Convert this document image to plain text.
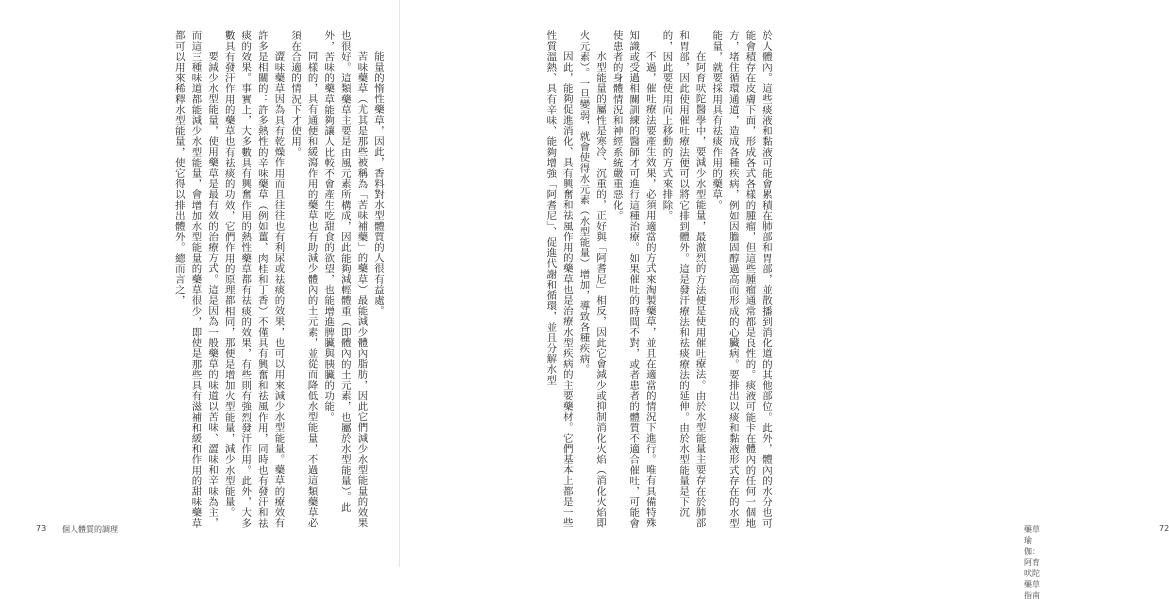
能量的惰性藥草，因此，香料對水型體質的人很有益處。

苦味藥草（尤其是那些被稱為「苦味補藥」的藥草）最能減少體內脂肪，因此它們減少水型能量的效果也很好。這類藥草主要是由風元素所構成，因此能夠減輕體重（即體內的土元素，也屬於水型能量）。此外，苦味的藥草能夠讓人比較不會產生吃甜食的欲望，也能增進脾臟與胰臟的功能。

同樣的，具有通便和緩瀉作用的藥草也有助減少體內的土元素，並從而降低水型能量，不過這類藥草必須在合適的情況下才使用。

澀味藥草因為具有乾燥作用而且往往也有利尿或祛痰的效果，也可以用來減少水型能量。藥草的療效有許多是相關的：許多熱性的辛味藥草（例如薑、肉桂和丁香）不僅具有興奮和祛風作用，同時也有發汗和祛痰的效果。事實上，大多數具有興奮作用的熱性藥草都有祛痰的效果，有些則有強烈發汗作用。此外，大多數具有發汗作用的藥草也有祛痰的功效，它們作用的原理都相同，那便是增加火型能量，減少水型能量。

要減少水型能量，使用藥草是最有效的治療方式。這是因為一般藥草的味道以苦味、澀味和辛味為主，而這三種味道都能減少水型能量，會增加水型能量的藥草很少，即使是那些具有滋補和緩和作用的甜味藥草都可以用來稀釋水型能量，使它得以排出體外。總而言之，

73 個人體質的調理	藥草瑜伽：阿育吠陀藥草指南
72

於人體內。這些痰液和黏液可能會累積在肺部和胃部，並散播到消化道的其他部位。此外，體內的水分也可能會積存在皮膚下面，形成各式各樣的腫瘤，但這些腫瘤通常都是良性的。痰液可能卡在體內的任何一個地方，堵住循環通道，造成各種疾病，例如因膽固醇過高而形成的心臟病。要排出以痰和黏液形式存在的水型能量，就要採用具有祛痰作用的藥草。

在阿育吠陀醫學中，要減少水型能量，最激烈的方法便是使用催吐療法。由於水型能量主要存在於肺部和胃部，因此使用催吐療法便可以將它排到體外。這是發汗療法和祛痰療法的延伸。由於水型能量是下沉的，因此要使用向上移動的方式來排除。

不過，催吐療法要產生效果，必須用適當的方式來淘製藥草，並且在適當的情況下進行。唯有具備特殊知識或受過相關訓練的醫師才可進行這種治療。如果催吐的時間不對，或者患者的體質不適合催吐，可能會使患者的身體情況和神經系統嚴重惡化。

水型能量的屬性是寒冷、沉重的，正好與「阿耆尼」相反，因此它會減少或抑制消化火焰（消化火焰即火元素）。一旦變弱，就會使得水元素（水型能量）增加，導致各種疾病。

因此，能夠促進消化、具有興奮和祛風作用的藥草也是治療水型疾病的主要藥材。它們基本上都是一些性質溫熱、具有辛味、能夠增強「阿耆尼」、促進代謝和循環，並且分解水型
